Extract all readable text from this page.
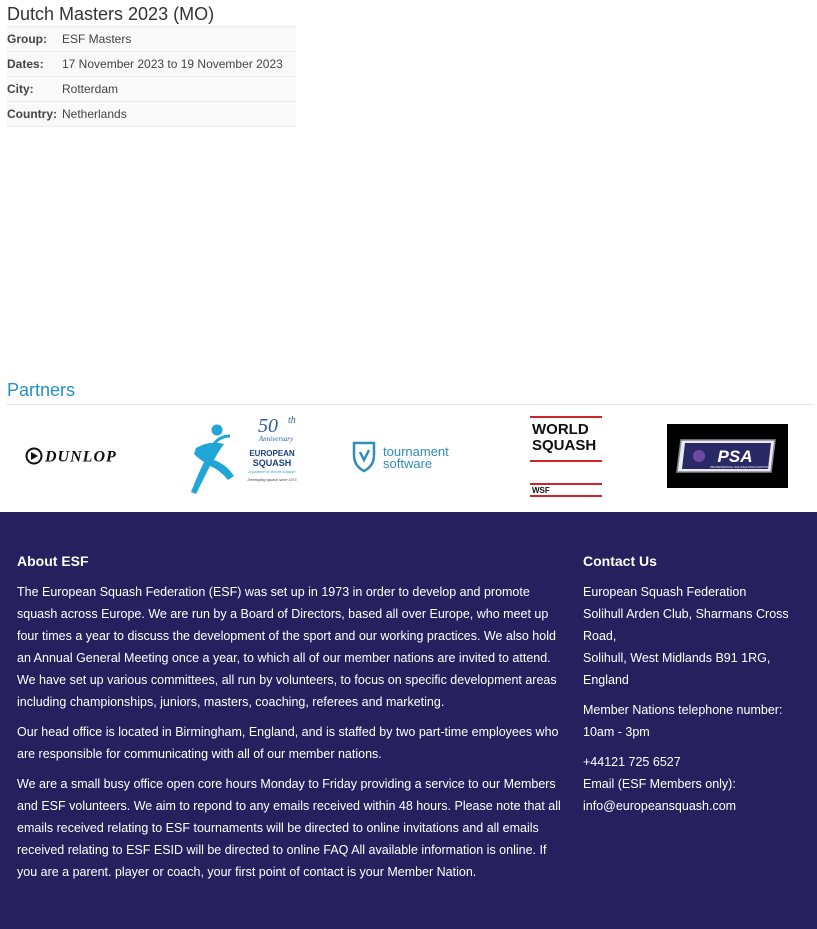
Dutch Masters 2023 (MO)
Group:	ESF Masters
Dates:	17 November 2023 to 19 November 2023
City:	Rotterdam
Country:	Netherlands
Partners
DUNLOP
50 th
Anniversary
EUROPEAN
SQUASH
A partner of World Squash
Developing squash since 1973
tournament
software
WORLD
SQUASH
WSF
PSA
PROFESSIONAL SQUASH ASSOCIATION
About ESF

The European Squash Federation (ESF) was set up in 1973 in order to develop and promote squash across Europe. We are run by a Board of Directors, based all over Europe, who meet up four times a year to discuss the development of the sport and our working practices. We also hold an Annual General Meeting once a year, to which all of our member nations are invited to attend. We have set up various committees, all run by volunteers, to focus on specific development areas including championships, juniors, masters, coaching, referees and marketing.

Our head office is located in Birmingham, England, and is staffed by two part-time employees who are responsible for communicating with all of our member nations.

We are a small busy office open core hours Monday to Friday providing a service to our Members and ESF volunteers. We aim to repond to any emails received within 48 hours. Please note that all emails received relating to ESF tournaments will be directed to online invitations and all emails received relating to ESF ESID will be directed to online FAQ All available information is online. If you are a parent. player or coach, your first point of contact is your Member Nation.

Contact Us

European Squash Federation
Solihull Arden Club, Sharmans Cross Road,
Solihull, West Midlands B91 1RG, England

Member Nations telephone number: 10am - 3pm

+44121 725 6527
Email (ESF Members only):
info@europeansquash.com
